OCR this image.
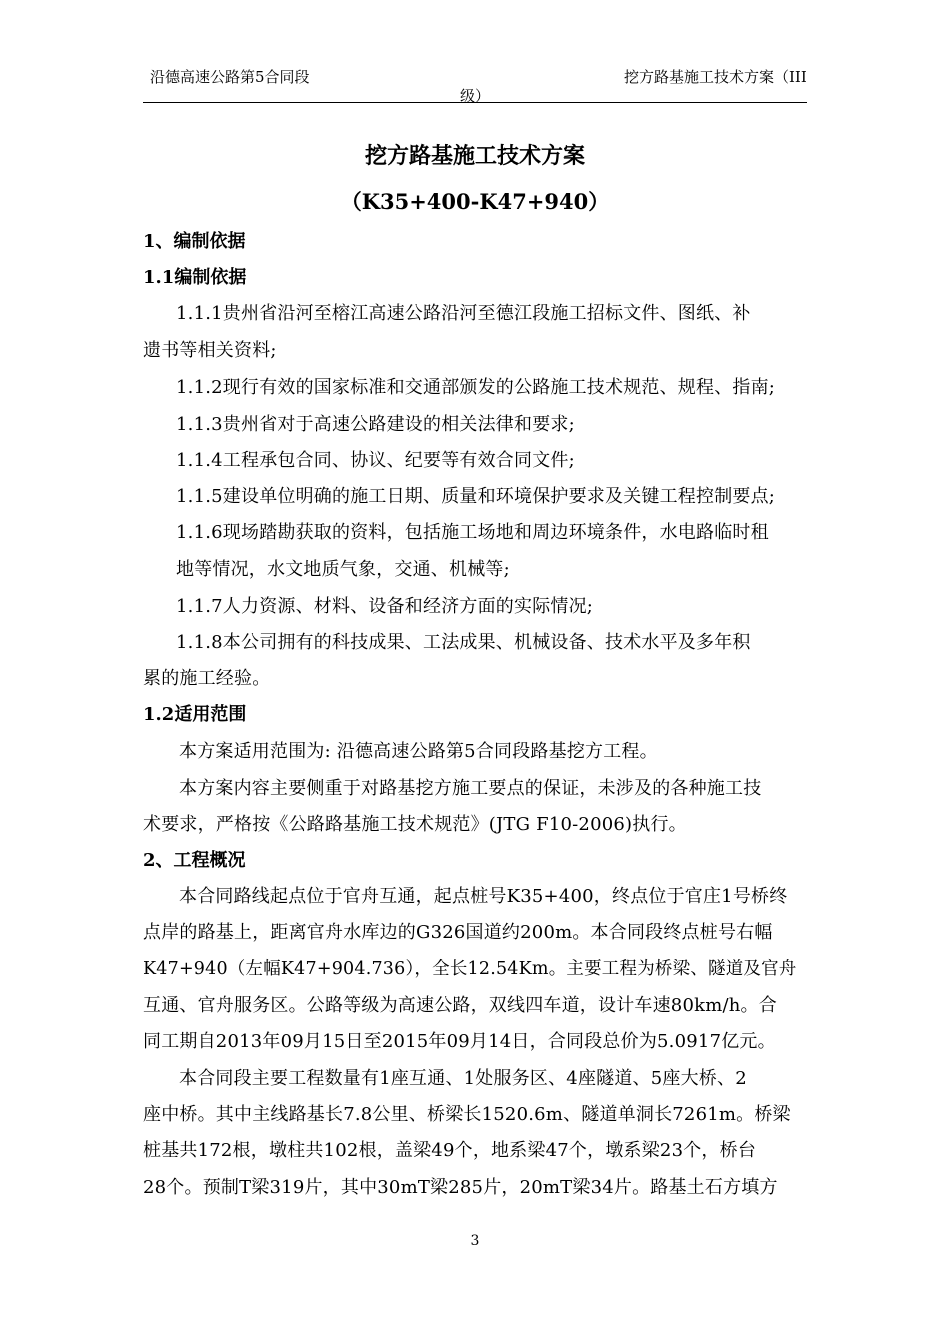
沿德高速公路第5合同段	挖方路基施工技术方案（III
级）
挖方路基施工技术方案
（K35+400-K47+940）
1、编制依据
1.1编制依据
1.1.1贵州省沿河至榕江高速公路沿河至德江段施工招标文件、图纸、补
遗书等相关资料;
1.1.2现行有效的国家标准和交通部颁发的公路施工技术规范、规程、指南;
1.1.3贵州省对于高速公路建设的相关法律和要求;
1.1.4工程承包合同、协议、纪要等有效合同文件;
1.1.5建设单位明确的施工日期、质量和环境保护要求及关键工程控制要点;
1.1.6现场踏勘获取的资料，包括施工场地和周边环境条件，水电路临时租
地等情况，水文地质气象，交通、机械等;
1.1.7人力资源、材料、设备和经济方面的实际情况;
1.1.8本公司拥有的科技成果、工法成果、机械设备、技术水平及多年积
累的施工经验。
1.2适用范围
本方案适用范围为: 沿德高速公路第5合同段路基挖方工程。
本方案内容主要侧重于对路基挖方施工要点的保证，未涉及的各种施工技
术要求，严格按《公路路基施工技术规范》(JTG F10-2006)执行。
2、工程概况
本合同路线起点位于官舟互通，起点桩号K35+400，终点位于官庄1号桥终
点岸的路基上，距离官舟水库边的G326国道约200m。本合同段终点桩号右幅
K47+940（左幅K47+904.736），全长12.54Km。主要工程为桥梁、隧道及官舟
互通、官舟服务区。公路等级为高速公路，双线四车道，设计车速80km/h。合
同工期自2013年09月15日至2015年09月14日，合同段总价为5.0917亿元。
本合同段主要工程数量有1座互通、1处服务区、4座隧道、5座大桥、2
座中桥。其中主线路基长7.8公里、桥梁长1520.6m、隧道单洞长7261m。桥梁
桩基共172根，墩柱共102根，盖梁49个，地系梁47个，墩系梁23个，桥台
28个。预制T梁319片，其中30mT梁285片，20mT梁34片。路基土石方填方
3
